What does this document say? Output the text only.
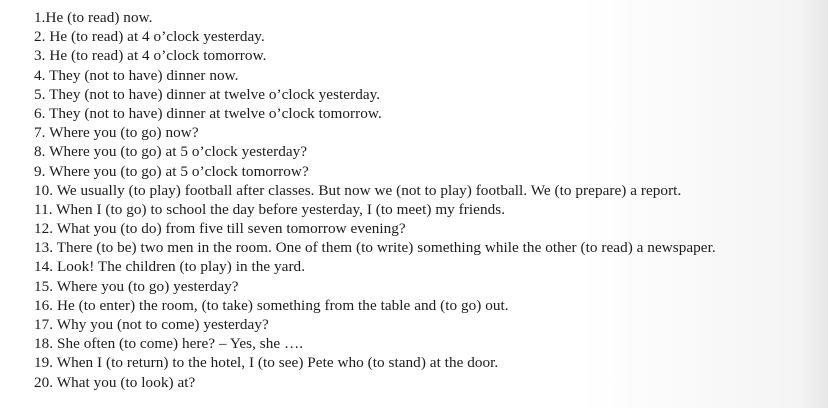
1.He (to read) now.
2. He (to read) at 4 o’clock yesterday.
3. He (to read) at 4 o’clock tomorrow.
4. They (not to have) dinner now.
5. They (not to have) dinner at twelve o’clock yesterday.
6. They (not to have) dinner at twelve o’clock tomorrow.
7. Where you (to go) now?
8. Where you (to go) at 5 o’clock yesterday?
9. Where you (to go) at 5 o’clock tomorrow?
10. We usually (to play) football after classes. But now we (not to play) football. We (to prepare) a report.
11. When I (to go) to school the day before yesterday, I (to meet) my friends.
12. What you (to do) from five till seven tomorrow evening?
13. There (to be) two men in the room. One of them (to write) something while the other (to read) a newspaper.
14. Look! The children (to play) in the yard.
15. Where you (to go) yesterday?
16. He (to enter) the room, (to take) something from the table and (to go) out.
17. Why you (not to come) yesterday?
18. She often (to come) here? – Yes, she ….
19. When I (to return) to the hotel, I (to see) Pete who (to stand) at the door.
20. What you (to look) at?
